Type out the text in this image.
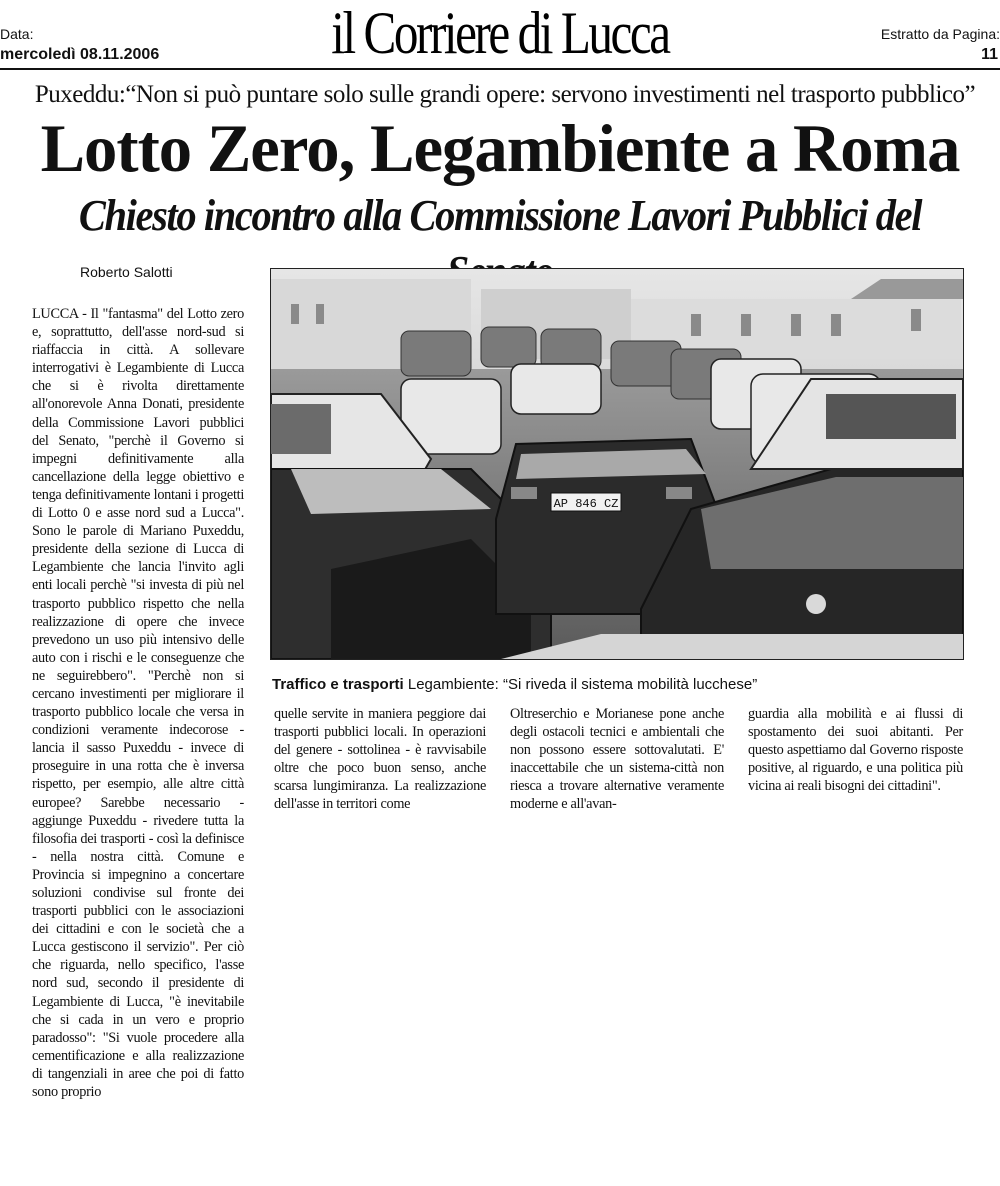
Data:
mercoledì 08.11.2006	il Corriere di Lucca	Estratto da Pagina:
11
Puxeddu:“Non si può puntare solo sulle grandi opere: servono investimenti nel trasporto pubblico”
Lotto Zero, Legambiente a Roma
Chiesto incontro alla Commissione Lavori Pubblici del
Roberto Salotti
LUCCA - Il "fantasma" del Lotto zero e, soprattutto, dell'asse nord-sud si riaffaccia in città. A sollevare interrogativi è Legambiente di Lucca che si è rivolta direttamente all'onorevole Anna Donati, presidente della Commissione Lavori pubblici del Senato, "perchè il Governo si impegni definitivamente alla cancellazione della legge obiettivo e tenga definitivamente lontani i progetti di Lotto 0 e asse nord sud a Lucca". Sono le parole di Mariano Puxeddu, presidente della sezione di Lucca di Legambiente che lancia l'invito agli enti locali perchè "si investa di più nel trasporto pubblico rispetto che nella realizzazione di opere che invece prevedono un uso più intensivo delle auto con i rischi e le conseguenze che ne seguirebbero". "Perchè non si cercano investimenti per migliorare il trasporto pubblico locale che versa in condizioni veramente indecorose - lancia il sasso Puxeddu - invece di proseguire in una rotta che è inversa rispetto, per esempio, alle altre città europee? Sarebbe necessario - aggiunge Puxeddu - rivedere tutta la filosofia dei trasporti - così la definisce - nella nostra città. Comune e Provincia si impegnino a concertare soluzioni condivise sul fronte dei trasporti pubblici con le associazioni dei cittadini e con le società che a Lucca gestiscono il servizio". Per ciò che riguarda, nello specifico, l'asse nord sud, secondo il presidente di Legambiente di Lucca, "è inevitabile che si cada in un vero e proprio paradosso": "Si vuole procedere alla cementificazione e alla realizzazione di tangenziali in aree che poi di fatto sono proprio
AP 846 CZ
Traffico e trasporti Legambiente: “Si riveda il sistema mobilità lucchese”
quelle servite in maniera peggiore dai trasporti pubblici locali. In operazioni del genere - sottolinea - è ravvisabile oltre che poco buon senso, anche scarsa lungimiranza. La realizzazione dell'asse in territori come
Oltreserchio e Morianese pone anche degli ostacoli tecnici e ambientali che non possono essere sottovalutati. E' inaccettabile che un sistema-città non riesca a trovare alternative veramente moderne e all'avan-
guardia alla mobilità e ai flussi di spostamento dei suoi abitanti. Per questo aspettiamo dal Governo risposte positive, al riguardo, e una politica più vicina ai reali bisogni dei cittadini".
